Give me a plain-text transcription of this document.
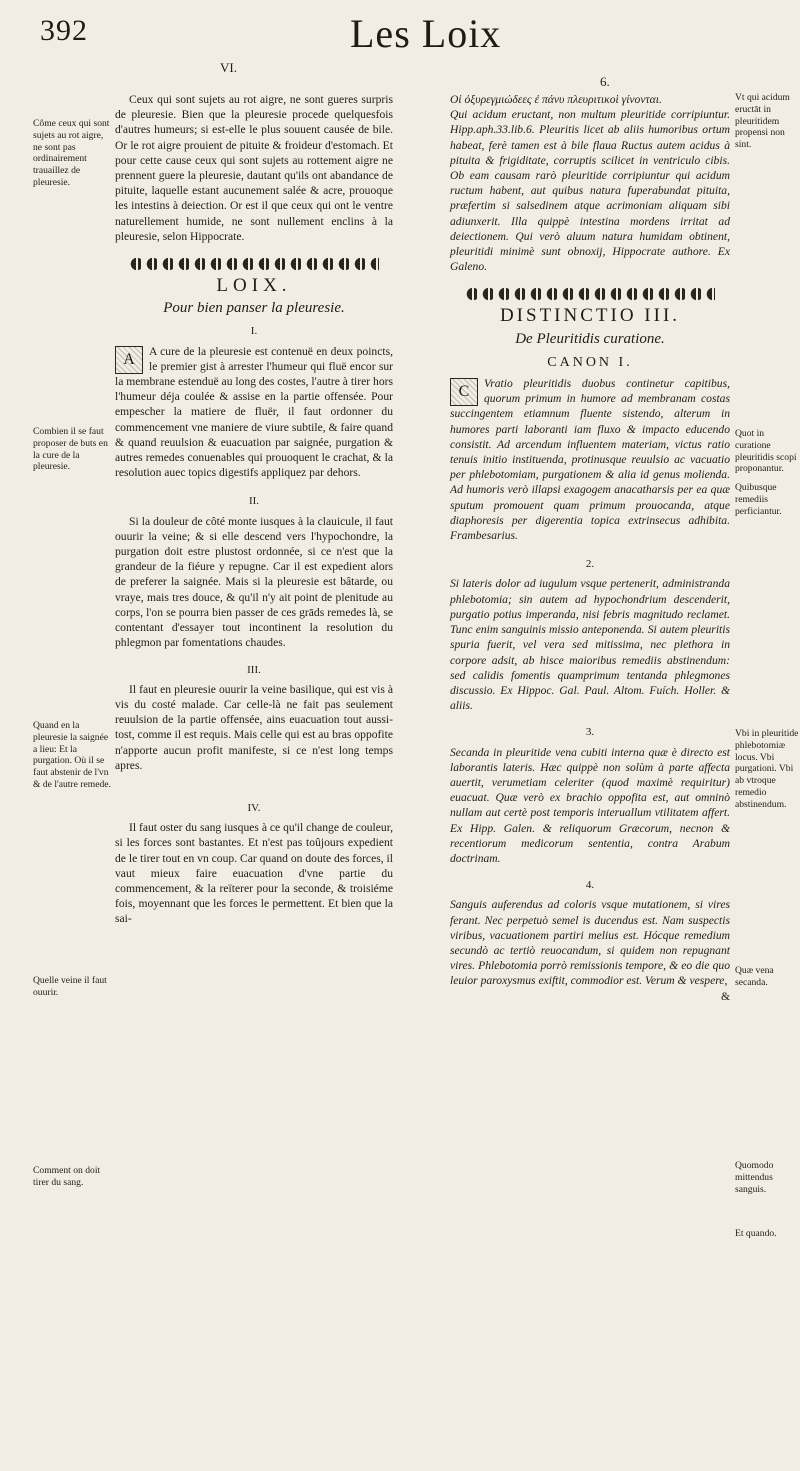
392	Les Loix
VI.
6.

Ceux qui sont sujets au rot aigre, ne sont gueres surpris de pleuresie. Bien que la pleuresie procede quelquesfois d'autres humeurs; si est-elle le plus souuent causée de bile. Or le rot aigre prouient de pituite & froideur d'estomach. Et pour cette cause ceux qui sont sujets au rottement aigre ne prennent guere la pleuresie, dautant qu'ils ont abandance de pituite, laquelle estant aucunement salée & acre, prouoque les intestins à deiection. Or est il que ceux qui ont le ventre naturellement humide, ne sont nullement enclins à la pleuresie, selon Hippocrate.

LOIX.
Pour bien panser la pleuresie.
I.

A	A cure de la pleuresie est contenuë en deux poincts, le premier gist à arrester l'humeur qui fluë encor sur la membrane estenduë au long des costes, l'autre à tirer hors l'humeur déja coulée & assise en la partie offensée. Pour empescher la matiere de fluër, il faut ordonner du commencement vne maniere de viure subtile, & faire quand & quand reuulsion & euacuation par saignée, purgation & autres remedes conuenables qui prouoquent le crachat, & la resolution auec topics digestifs appliquez par dehors.

II.

Si la douleur de côté monte iusques à la clauicule, il faut ouurir la veine; & si elle descend vers l'hypochondre, la purgation doit estre plustost ordonnée, si ce n'est que la grandeur de la fiéure y repugne. Car il est expedient alors de preferer la saignée. Mais si la pleuresie est bâtarde, ou vraye, mais tres douce, & qu'il n'y ait point de plenitude au corps, l'on se pourra bien passer de ces grāds remedes là, se contentant d'essayer tout incontinent la resolution du phlegmon par fomentations chaudes.

III.

Il faut en pleuresie ouurir la veine basilique, qui est vis à vis du costé malade. Car celle-là ne fait pas seulement reuulsion de la partie offensée, ains euacuation tout aussi-tost, comme il est requis. Mais celle qui est au bras oppofite n'apporte aucun profit manifeste, si ce n'est long temps apres.

IV.

Il faut oster du sang iusques à ce qu'il change de couleur, si les forces sont bastantes. Et n'est pas toûjours expedient de le tirer tout en vn coup. Car quand on doute des forces, il vaut mieux faire euacuation d'vne partie du commencement, & la reïterer pour la seconde, & troisiéme fois, moyennant que les forces le permettent. Et bien que la sai-

Οἱ ὀξυρεγμιώδεες ἐ πάνυ πλευριτικοὶ γίνονται.

Qui acidum eructant, non multum pleuritide corripiuntur. Hipp.aph.33.lib.6. Pleuritis licet ab aliis humoribus ortum habeat, ferè tamen est à bile flaua Ructus autem acidus à pituita & frigiditate, corruptis scilicet in ventriculo cibis. Ob eam causam rarò pleuritide corripiuntur qui acidum ructum habent, aut quibus natura fuperabundat pituita, præfertim si salsedinem atque acrimoniam aliquam sibi adiunxerit. Illa quippè intestina mordens irritat ad deiectionem. Qui verò aluum natura humidam obtinent, pleuritidi minimè sunt obnoxij, Hippocrate authore. Ex Galeno.

DISTINCTIO III.
De Pleuritidis curatione.
CANON I.

C	Vratio pleuritidis duobus continetur capitibus, quorum primum in humore ad membranam costas succingentem etiamnum fluente sistendo, alterum in humores parti laboranti iam fluxo & impacto educendo consistit. Ad arcendum influentem materiam, victus ratio tenuis initio instituenda, protinusque reuulsio ac vacuatio per phlebotomiam, purgationem & alia id genus molienda. Ad humoris verò illapsi exagogem anacatharsis per ea quæ sputum promouent quam primum prouocanda, atque diaphoresis per digerentia topica extrinsecus adhibita. Frambesarius.

2.

Si lateris dolor ad iugulum vsque pertenerit, administranda phlebotomia; sin autem ad hypochondrium descenderit, purgatio potius imperanda, nisi febris magnitudo reclamet. Tunc enim sanguinis missio anteponenda. Si autem pleuritis spuria fuerit, vel vera sed mitissima, nec plethora in corpore adsit, ab hisce maioribus remediis abstinendum: sed calidis fomentis quamprimum tentanda phlegmones discussio. Ex Hippoc. Gal. Paul. Altom. Fuích. Holler. & aliis.

3.

Secanda in pleuritide vena cubiti interna quæ è directo est laborantis lateris. Hæc quippè non solùm à parte affecta auertit, verumetiam celeriter (quod maximè requiritur) euacuat. Quæ verò ex brachio oppofita est, aut omninò nullam aut certè post temporis interuallum vtilitatem affert. Ex Hipp. Galen. & reliquorum Græcorum, necnon & recentiorum medicorum sententia, contra Arabum doctrinam.

4.

Sanguis auferendus ad coloris vsque mutationem, si vires ferant. Nec perpetuò semel is ducendus est. Nam suspectis viribus, vacuationem partiri melius est. Hócque remedium secundò ac tertiò reuocandum, si quidem non repugnant vires. Phlebotomia porrò remissionis tempore, & eo die quo leuior paroxysmus exiftit, commodior est. Verum & vespere,

&
Côme ceux qui sont sujets au rot aigre, ne sont pas ordinairement trauaillez de pleuresie.
Combien il se faut proposer de buts en la cure de la pleuresie.
Quand en la pleuresie la saignée a lieu: Et la purgation. Où il se faut abstenir de l'vn & de l'autre remede.
Quelle veine il faut ouurir.
Comment on doit tirer du sang.
Vt qui acidum eructāt in pleuritidem propensi non sint.
Quot in curatione pleuritidis scopi proponantur.
Quibusque remediis perficiantur.
Vbi in pleuritide phlebotomiæ locus. Vbi purgationi. Vbi ab vtroque remedio abstinendum.
Quæ vena secanda.
Quomodo mittendus sanguis.
Et quando.
